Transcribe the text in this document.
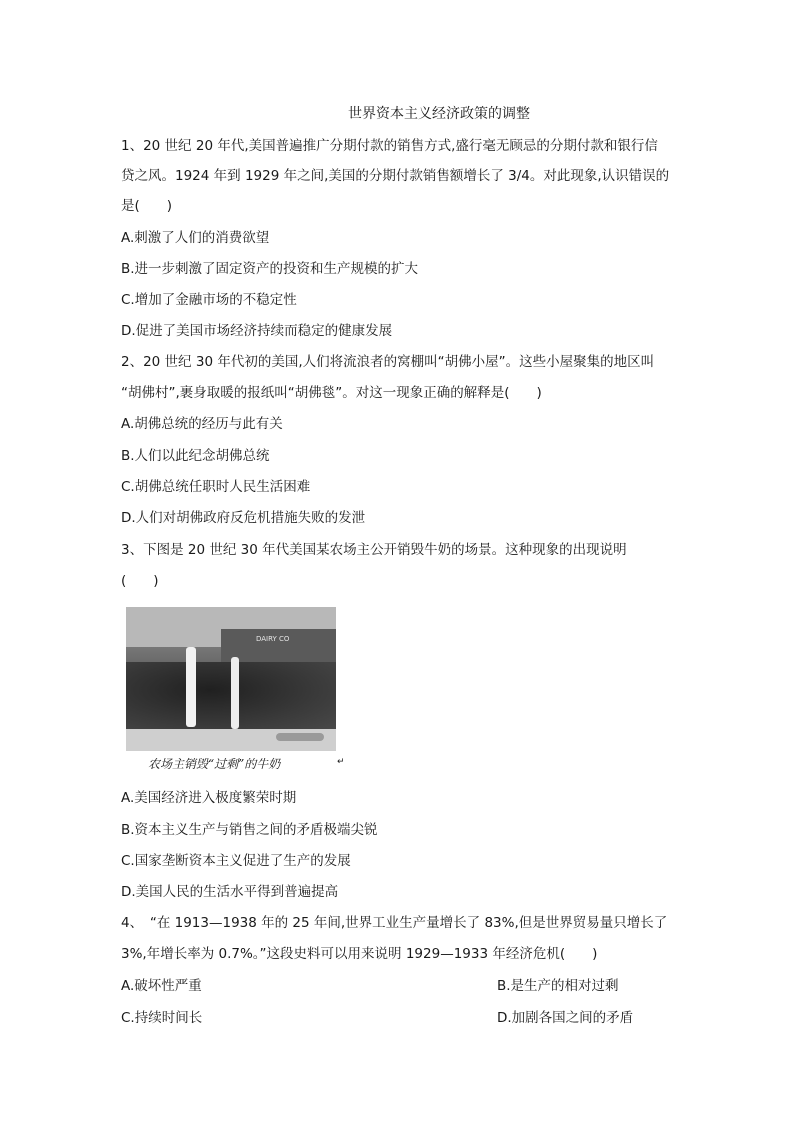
世界资本主义经济政策的调整
1、20 世纪 20 年代,美国普遍推广分期付款的销售方式,盛行毫无顾忌的分期付款和银行信
贷之风。1924 年到 1929 年之间,美国的分期付款销售额增长了 3/4。对此现象,认识错误的
是(　　)
A.刺激了人们的消费欲望
B.进一步刺激了固定资产的投资和生产规模的扩大
C.增加了金融市场的不稳定性
D.促进了美国市场经济持续而稳定的健康发展
2、20 世纪 30 年代初的美国,人们将流浪者的窝棚叫“胡佛小屋”。这些小屋聚集的地区叫
“胡佛村”,裹身取暖的报纸叫“胡佛毯”。对这一现象正确的解释是(　　)
A.胡佛总统的经历与此有关
B.人们以此纪念胡佛总统
C.胡佛总统任职时人民生活困难
D.人们对胡佛政府反危机措施失败的发泄
3、下图是 20 世纪 30 年代美国某农场主公开销毁牛奶的场景。这种现象的出现说明
(　　)
DAIRY CO
农场主销毁“过剩”的牛奶	↵
A.美国经济进入极度繁荣时期
B.资本主义生产与销售之间的矛盾极端尖锐
C.国家垄断资本主义促进了生产的发展
D.美国人民的生活水平得到普遍提高
4、　“在 1913—1938 年的 25 年间,世界工业生产量增长了 83%,但是世界贸易量只增长了
3%,年增长率为 0.7%。”这段史料可以用来说明 1929—1933 年经济危机(　　)
A.破坏性严重	B.是生产的相对过剩
C.持续时间长	D.加剧各国之间的矛盾
